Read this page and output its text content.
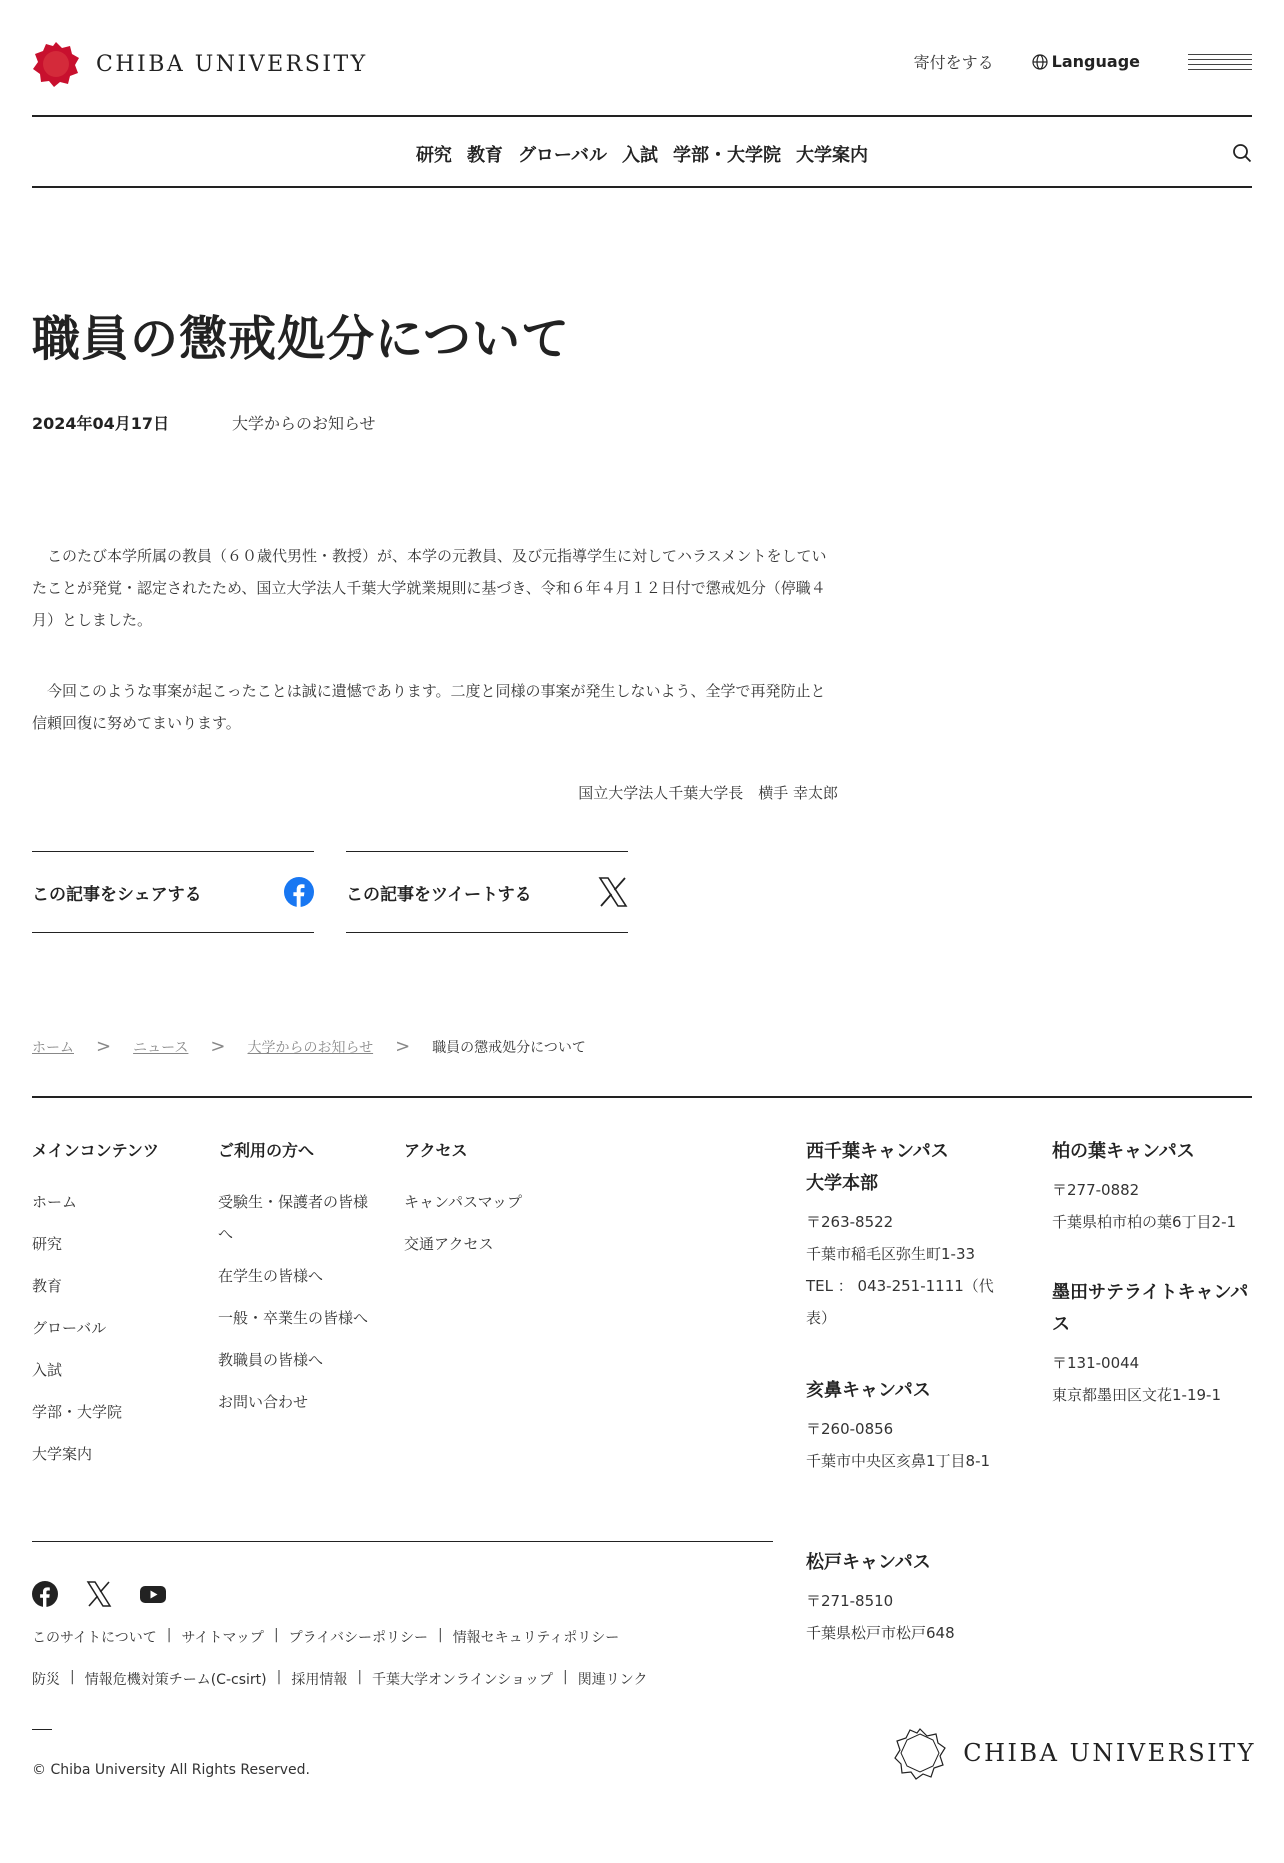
CHIBA UNIVERSITY	寄付をする	Language
研究 教育 グローバル 入試 学部・大学院 大学案内
職員の懲戒処分について
2024年04月17日	大学からのお知らせ

　このたび本学所属の教員（６０歳代男性・教授）が、本学の元教員、及び元指導学生に対してハラスメントをしていたことが発覚・認定されたため、国立大学法人千葉大学就業規則に基づき、令和６年４月１２日付で懲戒処分（停職４月）としました。

　今回このような事案が起こったことは誠に遺憾であります。二度と同様の事案が発生しないよう、全学で再発防止と信頼回復に努めてまいります。

国立大学法人千葉大学長　横手 幸太郎

この記事をシェアする	この記事をツイートする
ホーム > ニュース > 大学からのお知らせ > 職員の懲戒処分について
メインコンテンツ
ホーム
研究
教育
グローバル
入試
学部・大学院
大学案内
ご利用の方へ
受験生・保護者の皆様へ
在学生の皆様へ
一般・卒業生の皆様へ
教職員の皆様へ
お問い合わせ
アクセス
キャンパスマップ
交通アクセス
西千葉キャンパス
大学本部

〒263-8522

千葉市稲毛区弥生町1-33

TEL ： 043-251-1111（代表）

亥鼻キャンパス

〒260-0856

千葉市中央区亥鼻1丁目8-1

松戸キャンパス

〒271-8510

千葉県松戸市松戸648

柏の葉キャンパス

〒277-0882

千葉県柏市柏の葉6丁目2-1

墨田サテライトキャンパス

〒131-0044

東京都墨田区文花1-19-1

このサイトについて | サイトマップ | プライバシーポリシー | 情報セキュリティポリシー
防災 | 情報危機対策チーム(C-csirt) | 採用情報 | 千葉大学オンラインショップ | 関連リンク
© Chiba University All Rights Reserved.
CHIBA UNIVERSITY
